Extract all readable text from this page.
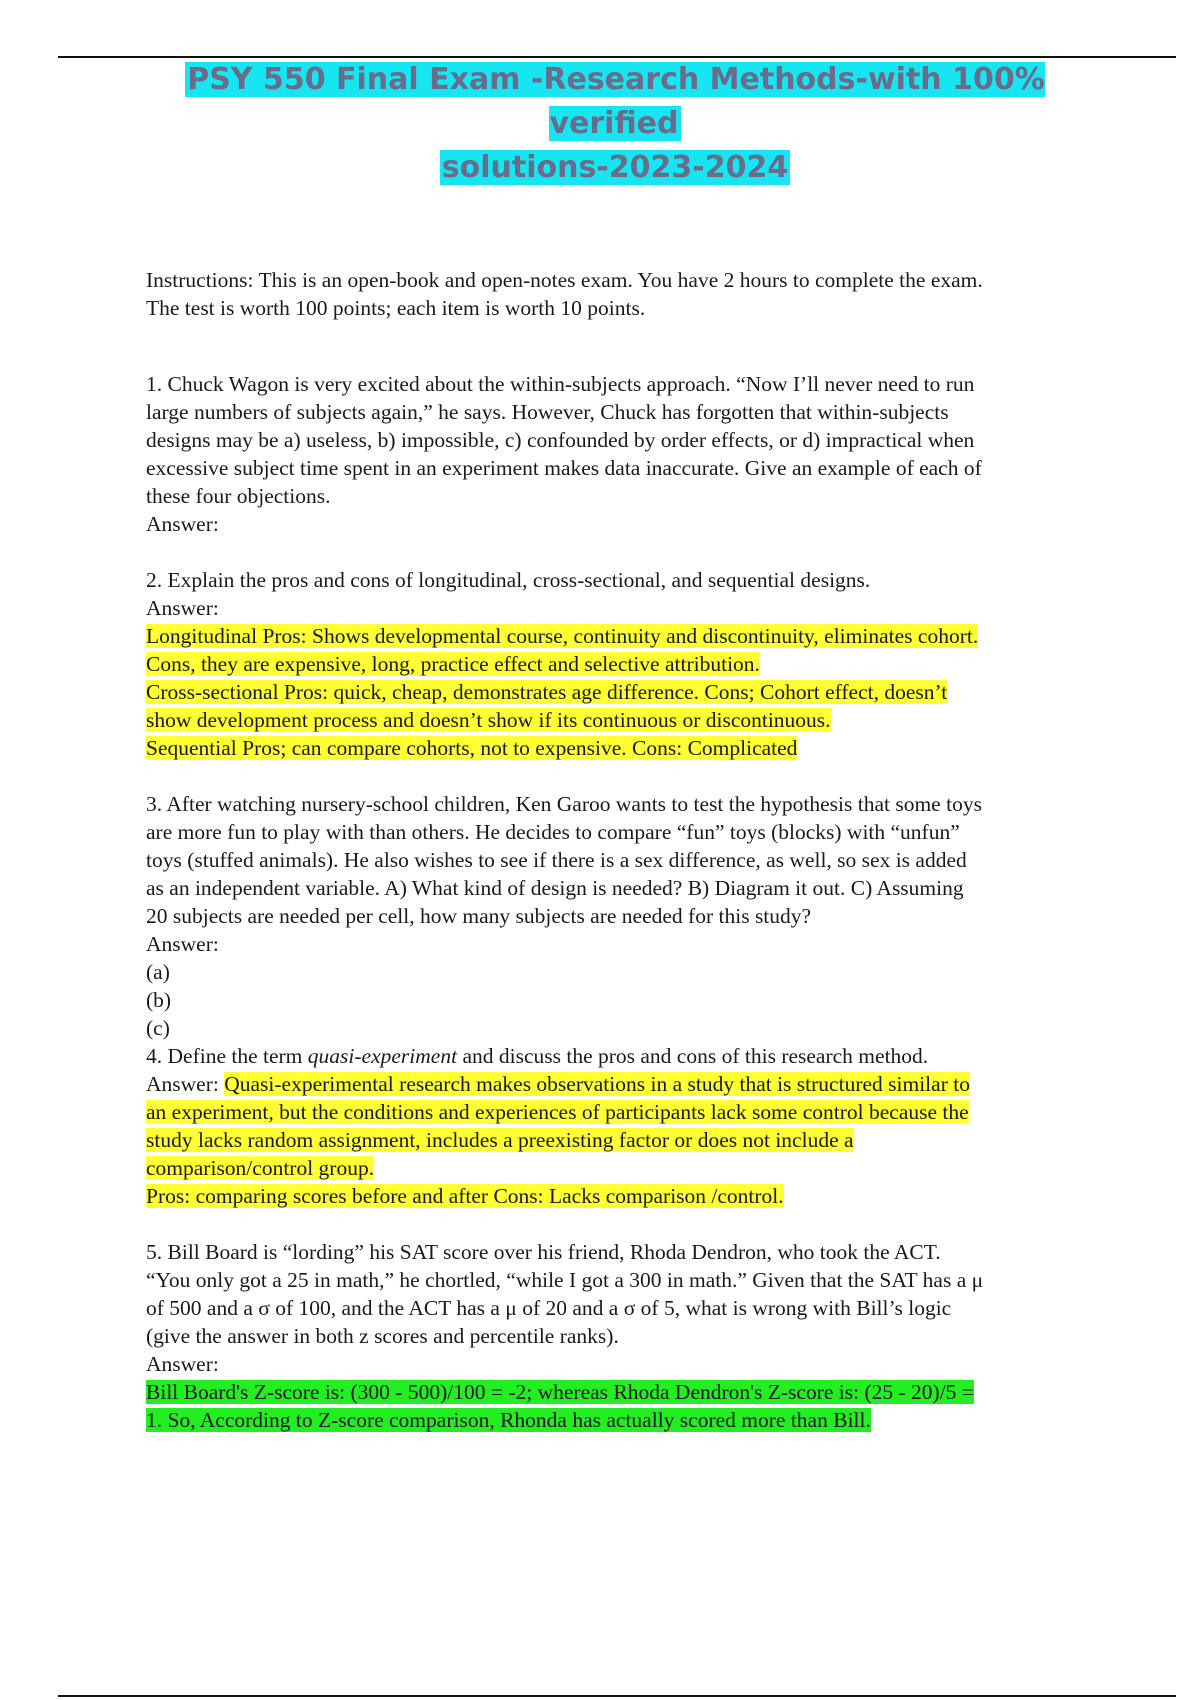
PSY 550 Final Exam -Research Methods-with 100% verified
solutions-2023-2024

Instructions: This is an open-book and open-notes exam. You have 2 hours to complete the exam.
The test is worth 100 points; each item is worth 10 points.

1. Chuck Wagon is very excited about the within-subjects approach. “Now I’ll never need to run
large numbers of subjects again,” he says. However, Chuck has forgotten that within-subjects
designs may be a) useless, b) impossible, c) confounded by order effects, or d) impractical when
excessive subject time spent in an experiment makes data inaccurate. Give an example of each of
these four objections.
Answer:

2. Explain the pros and cons of longitudinal, cross-sectional, and sequential designs.
Answer:
Longitudinal Pros: Shows developmental course, continuity and discontinuity, eliminates cohort.
Cons, they are expensive, long, practice effect and selective attribution.
Cross-sectional Pros: quick, cheap, demonstrates age difference. Cons; Cohort effect, doesn’t
show development process and doesn’t show if its continuous or discontinuous.
Sequential Pros; can compare cohorts, not to expensive. Cons: Complicated

3. After watching nursery-school children, Ken Garoo wants to test the hypothesis that some toys
are more fun to play with than others. He decides to compare “fun” toys (blocks) with “unfun”
toys (stuffed animals). He also wishes to see if there is a sex difference, as well, so sex is added
as an independent variable. A) What kind of design is needed? B) Diagram it out. C) Assuming
20 subjects are needed per cell, how many subjects are needed for this study?
Answer:
(a)
(b)
(c)

4. Define the term quasi-experiment and discuss the pros and cons of this research method.
Answer: Quasi-experimental research makes observations in a study that is structured similar to
an experiment, but the conditions and experiences of participants lack some control because the
study lacks random assignment, includes a preexisting factor or does not include a
comparison/control group.
Pros: comparing scores before and after Cons: Lacks comparison /control.

5. Bill Board is “lording” his SAT score over his friend, Rhoda Dendron, who took the ACT.
“You only got a 25 in math,” he chortled, “while I got a 300 in math.” Given that the SAT has a μ
of 500 and a σ of 100, and the ACT has a μ of 20 and a σ of 5, what is wrong with Bill’s logic
(give the answer in both z scores and percentile ranks).
Answer:
Bill Board's Z-score is: (300 - 500)/100 = -2; whereas Rhoda Dendron's Z-score is: (25 - 20)/5 =
1. So, According to Z-score comparison, Rhonda has actually scored more than Bill.
